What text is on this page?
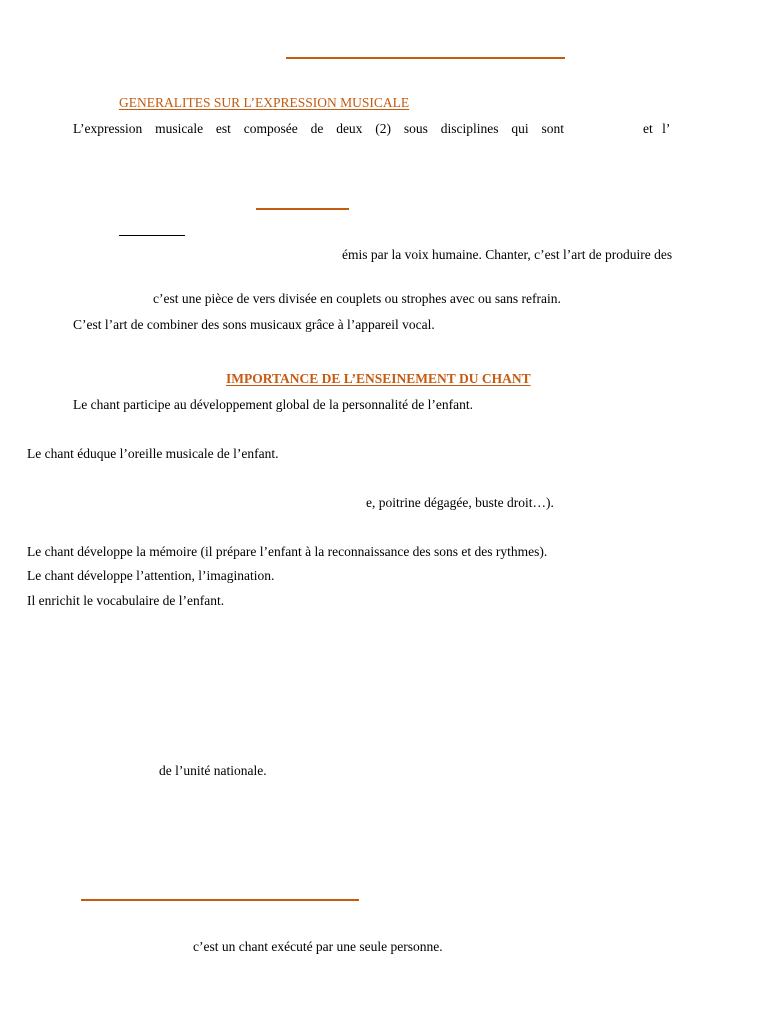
GENERALITES SUR L’EXPRESSION MUSICALE
L’expression musicale est composée de deux (2) sous disciplines qui sont	et l’
émis par la voix humaine. Chanter, c’est l’art de produire des
c’est une pièce de vers divisée en couplets ou strophes avec ou sans refrain.
C’est l’art de combiner des sons musicaux grâce à l’appareil vocal.
IMPORTANCE DE L’ENSEINEMENT DU CHANT
Le chant participe au développement global de la personnalité de l’enfant.
Le chant éduque l’oreille musicale de l’enfant.
e, poitrine dégagée, buste droit…).
Le chant développe la mémoire (il prépare l’enfant à la reconnaissance des sons et des rythmes).
Le chant développe l’attention, l’imagination.
Il enrichit le vocabulaire de l’enfant.
de l’unité nationale.
c’est un chant exécuté par une seule personne.
